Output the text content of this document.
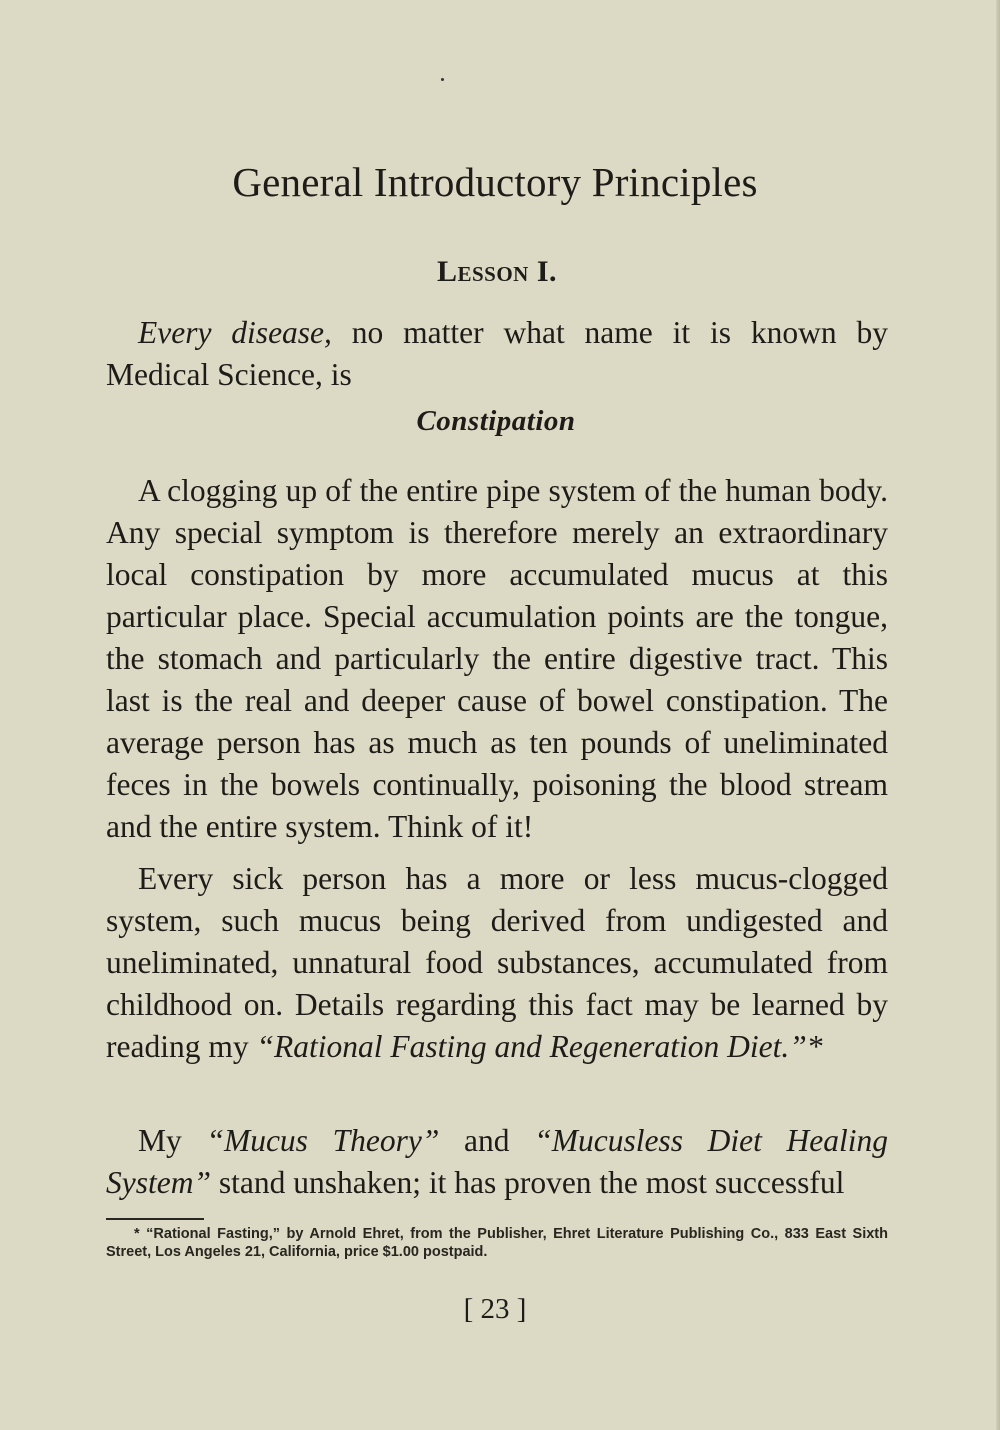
General Introductory Principles
Lesson I.

Every disease, no matter what name it is known by Medical Science, is

Constipation

A clogging up of the entire pipe system of the human body. Any special symptom is therefore merely an extraordinary local constipation by more accumulated mucus at this particular place. Special accumulation points are the tongue, the stomach and particularly the entire digestive tract. This last is the real and deeper cause of bowel constipation. The average person has as much as ten pounds of uneliminated feces in the bowels continually, poisoning the blood stream and the entire system. Think of it!

Every sick person has a more or less mucus-clogged system, such mucus being derived from undigested and uneliminated, unnatural food substances, accumulated from childhood on. Details regarding this fact may be learned by reading my “Rational Fasting and Regeneration Diet.”*

My “Mucus Theory” and “Mucusless Diet Healing System” stand unshaken; it has proven the most successful

* “Rational Fasting,” by Arnold Ehret, from the Publisher, Ehret Literature Publishing Co., 833 East Sixth Street, Los Angeles 21, California, price $1.00 postpaid.

[ 23 ]
